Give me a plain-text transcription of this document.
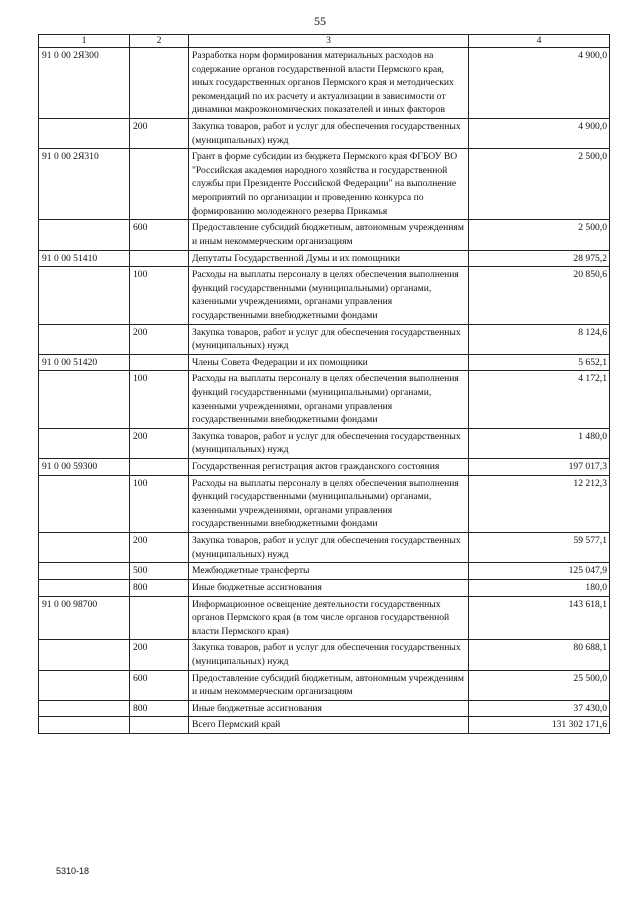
55
1	2	3	4
91 0 00 2Я300		Разработка норм формирования материальных расходов на содержание органов государственной власти Пермского края, иных государственных органов Пермского края и методических рекомендаций по их расчету и актуализации в зависимости от динамики макроэкономических показателей и иных факторов	4 900,0
	200	Закупка товаров, работ и услуг для обеспечения государственных (муниципальных) нужд	4 900,0
91 0 00 2Я310		Грант в форме субсидии из бюджета Пермского края ФГБОУ ВО "Российская академия народного хозяйства и государственной службы при Президенте Российской Федерации" на выполнение мероприятий по организации и проведению конкурса по формированию молодежного резерва Прикамья	2 500,0
	600	Предоставление субсидий бюджетным, автономным учреждениям и иным некоммерческим организациям	2 500,0
91 0 00 51410		Депутаты Государственной Думы и их помощники	28 975,2
	100	Расходы на выплаты персоналу в целях обеспечения выполнения функций государственными (муниципальными) органами, казенными учреждениями, органами управления государственными внебюджетными фондами	20 850,6
	200	Закупка товаров, работ и услуг для обеспечения государственных (муниципальных) нужд	8 124,6
91 0 00 51420		Члены Совета Федерации и их помощники	5 652,1
	100	Расходы на выплаты персоналу в целях обеспечения выполнения функций государственными (муниципальными) органами, казенными учреждениями, органами управления государственными внебюджетными фондами	4 172,1
	200	Закупка товаров, работ и услуг для обеспечения государственных (муниципальных) нужд	1 480,0
91 0 00 59300		Государственная регистрация актов гражданского состояния	197 017,3
	100	Расходы на выплаты персоналу в целях обеспечения выполнения функций государственными (муниципальными) органами, казенными учреждениями, органами управления государственными внебюджетными фондами	12 212,3
	200	Закупка товаров, работ и услуг для обеспечения государственных (муниципальных) нужд	59 577,1
	500	Межбюджетные трансферты	125 047,9
	800	Иные бюджетные ассигнования	180,0
91 0 00 98700		Информационное освещение деятельности государственных органов Пермского края (в том числе органов государственной власти Пермского края)	143 618,1
	200	Закупка товаров, работ и услуг для обеспечения государственных (муниципальных) нужд	80 688,1
	600	Предоставление субсидий бюджетным, автономным учреждениям и иным некоммерческим организациям	25 500,0
	800	Иные бюджетные ассигнования	37 430,0
		Всего Пермский край	131 302 171,6
5310-18
